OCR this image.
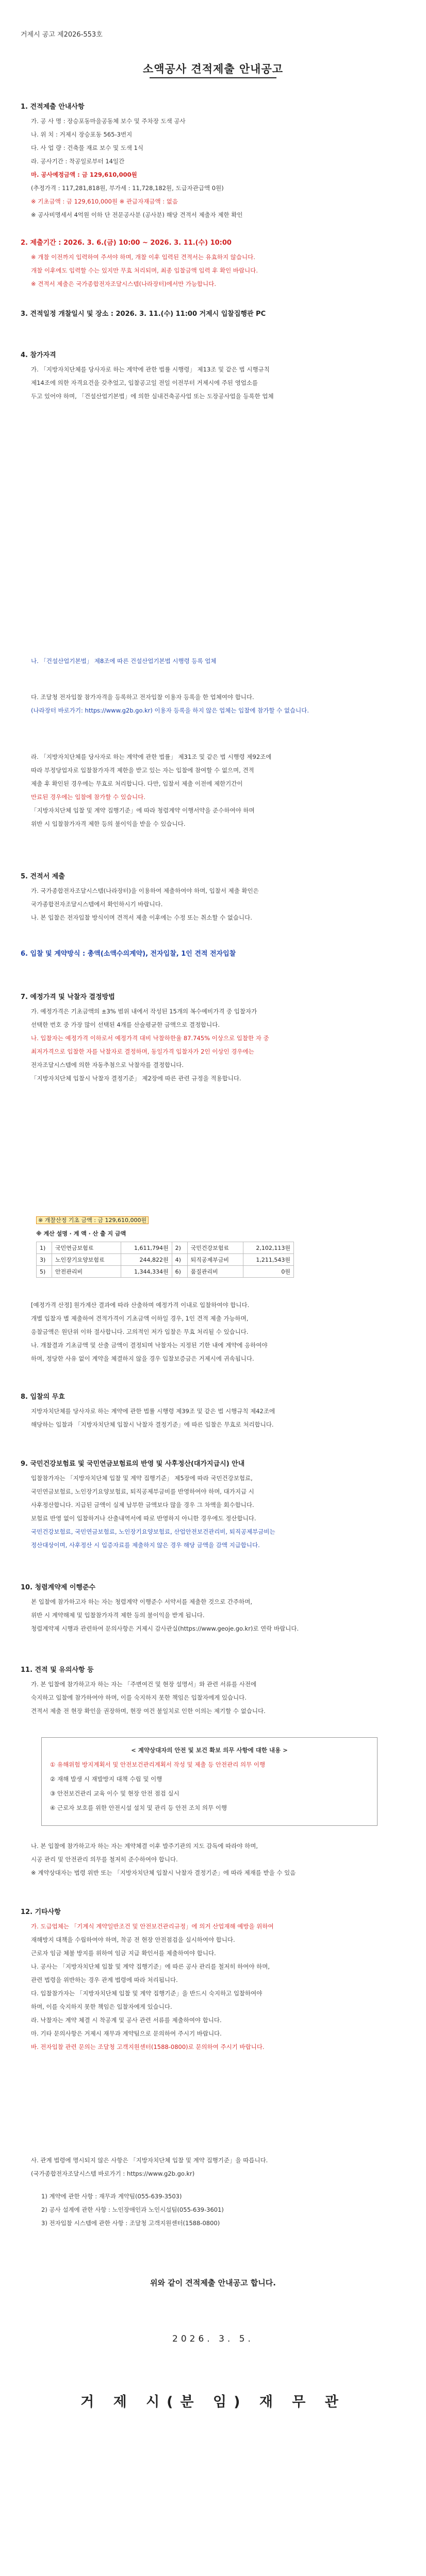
거제시 공고 제2026-553호
소액공사 견적제출 안내공고
1. 견적제출 안내사항
가. 공 사 명 : 장승포동마을공동체 보수 및 주차장 도색 공사
나. 위 치 : 거제시 장승포동 565-3번지
다. 사 업 량 : 건축물 재료 보수 및 도색 1식
라. 공사기간 : 착공일로부터 14일간
마. 공사예정금액 : 금 129,610,000원
(추정가격 : 117,281,818원, 부가세 : 11,728,182원, 도급자관급액 0원)
※ 기초금액 : 금 129,610,000원 ※ 관급자재금액 : 없음
※ 공사비명세서 4억원 이하 단 전문공사분 (공사분) 해당 견적서 제출자 제한 확인
2. 제출기간 : 2026. 3. 6.(금) 10:00 ~ 2026. 3. 11.(수) 10:00
※ 개찰 이전까지 입력하여 주셔야 하며, 개찰 이후 입력된 견적서는 유효하지 않습니다.
개찰 이후에도 입력할 수는 있지만 무효 처리되며, 최종 입찰금액 입력 후 확인 바랍니다.
※ 견적서 제출은 국가종합전자조달시스템(나라장터)에서만 가능합니다.
3. 견적일정 개찰일시 및 장소 : 2026. 3. 11.(수) 11:00 거제시 입찰집행관 PC
4. 참가자격
가. 「지방자치단체를 당사자로 하는 계약에 관한 법률 시행령」 제13조 및 같은 법 시행규칙
제14조에 의한 자격요건을 갖추었고, 입찰공고일 전일 이전부터 거제시에 주된 영업소를
두고 있어야 하며, 「건설산업기본법」에 의한 실내건축공사업 또는 도장공사업을 등록한 업체
나. 「건설산업기본법」 제8조에 따른 건설산업기본법 시행령 등록 업체
다. 조달청 전자입찰 참가자격을 등록하고 전자입찰 이용자 등록을 한 업체여야 합니다.
(나라장터 바로가기: https://www.g2b.go.kr) 이용자 등록을 하지 않은 업체는 입찰에 참가할 수 없습니다.
라. 「지방자치단체를 당사자로 하는 계약에 관한 법률」 제31조 및 같은 법 시행령 제92조에
따라 부정당업자로 입찰참가자격 제한을 받고 있는 자는 입찰에 참여할 수 없으며, 견적
제출 후 확인된 경우에는 무효로 처리합니다. 다만, 입찰서 제출 이전에 제한기간이
만료된 경우에는 입찰에 참가할 수 있습니다.
「지방자치단체 입찰 및 계약 집행기준」에 따라 청렴계약 이행서약을 준수하여야 하며
위반 시 입찰참가자격 제한 등의 불이익을 받을 수 있습니다.
5. 견적서 제출
가. 국가종합전자조달시스템(나라장터)을 이용하여 제출하여야 하며, 입찰서 제출 확인은
국가종합전자조달시스템에서 확인하시기 바랍니다.
나. 본 입찰은 전자입찰 방식이며 견적서 제출 이후에는 수정 또는 취소할 수 없습니다.
6. 입찰 및 계약방식 : 총액(소액수의계약), 전자입찰, 1인 견적 전자입찰
7. 예정가격 및 낙찰자 결정방법
가. 예정가격은 기초금액의 ±3% 범위 내에서 작성된 15개의 복수예비가격 중 입찰자가
선택한 번호 중 가장 많이 선택된 4개를 산술평균한 금액으로 결정합니다.
나. 입찰자는 예정가격 이하로서 예정가격 대비 낙찰하한율 87.745% 이상으로 입찰한 자 중
최저가격으로 입찰한 자를 낙찰자로 결정하며, 동일가격 입찰자가 2인 이상인 경우에는
전자조달시스템에 의한 자동추첨으로 낙찰자를 결정합니다.
「지방자치단체 입찰시 낙찰자 결정기준」 제2장에 따른 관련 규정을 적용합니다.
※ 개찰산정 기초 금액 : 금 129,610,000원
※ 계산 설명 · 계 액 · 산 출 지 금액
1)	국민연금보험료	1,611,794원	2)	국민건강보험료	2,102,113원
3)	노인장기요양보험료	244,822원	4)	퇴직공제부금비	1,211,543원
5)	안전관리비	1,344,334원	6)	품질관리비	0원
[예정가격 산정] 원가계산 결과에 따라 산출하며 예정가격 이내로 입찰하여야 합니다.
개별 입찰자 별 제출하여 견적가격이 기초금액 이하일 경우, 1인 견적 제출 가능하며,
응찰금액은 원단위 이하 절사합니다. 고의적인 저가 입찰은 무효 처리될 수 있습니다.
나. 개찰결과 기초금액 및 산출 금액이 결정되며 낙찰자는 지정된 기한 내에 계약에 응하여야
하며, 정당한 사유 없이 계약을 체결하지 않을 경우 입찰보증금은 거제시에 귀속됩니다.
8. 입찰의 무효
지방자치단체를 당사자로 하는 계약에 관한 법률 시행령 제39조 및 같은 법 시행규칙 제42조에
해당하는 입찰과 「지방자치단체 입찰시 낙찰자 결정기준」에 따른 입찰은 무효로 처리합니다.
9. 국민건강보험료 및 국민연금보험료의 반영 및 사후정산(대가지급시) 안내
입찰참가자는 「지방자치단체 입찰 및 계약 집행기준」 제5장에 따라 국민건강보험료,
국민연금보험료, 노인장기요양보험료, 퇴직공제부금비를 반영하여야 하며, 대가지급 시
사후정산합니다. 지급된 금액이 실제 납부한 금액보다 많을 경우 그 차액을 회수합니다.
보험료 반영 없이 입찰하거나 산출내역서에 따로 반영하지 아니한 경우에도 정산합니다.
국민건강보험료, 국민연금보험료, 노인장기요양보험료, 산업안전보건관리비, 퇴직공제부금비는
정산대상이며, 사후정산 시 입증자료를 제출하지 않은 경우 해당 금액을 감액 지급합니다.
10. 청렴계약제 이행준수
본 입찰에 참가하고자 하는 자는 청렴계약 이행준수 서약서를 제출한 것으로 간주하며,
위반 시 계약해제 및 입찰참가자격 제한 등의 불이익을 받게 됩니다.
청렴계약제 시행과 관련하여 문의사항은 거제시 감사관실(https://www.geoje.go.kr)로 연락 바랍니다.
11. 견적 및 유의사항 등
가. 본 입찰에 참가하고자 하는 자는 「주변여건 및 현장 설명서」와 관련 서류를 사전에
숙지하고 입찰에 참가하여야 하며, 이를 숙지하지 못한 책임은 입찰자에게 있습니다.
견적서 제출 전 현장 확인을 권장하며, 현장 여건 불일치로 인한 이의는 제기할 수 없습니다.
< 계약상대자의 안전 및 보건 확보 의무 사항에 대한 내용 >
① 유해위험 방지계획서 및 안전보건관리계획서 작성 및 제출 등 안전관리 의무 이행
② 재해 발생 시 재발방지 대책 수립 및 이행
③ 안전보건관리 교육 이수 및 현장 안전 점검 실시
④ 근로자 보호를 위한 안전시설 설치 및 관리 등 안전 조치 의무 이행
나. 본 입찰에 참가하고자 하는 자는 계약체결 이후 발주기관의 지도 감독에 따라야 하며,
시공 관리 및 안전관리 의무를 철저히 준수하여야 합니다.
※ 계약상대자는 법령 위반 또는 「지방자치단체 입찰시 낙찰자 결정기준」에 따라 제재를 받을 수 있음
12. 기타사항
가. 도급업체는 「기계식 계약일반조건 및 안전보건관리규정」에 의거 산업재해 예방을 위하여
재해방지 대책을 수립하여야 하며, 착공 전 현장 안전점검을 실시하여야 합니다.
근로자 임금 체불 방지를 위하여 임금 지급 확인서를 제출하여야 합니다.
나. 공사는 「지방자치단체 입찰 및 계약 집행기준」에 따른 공사 관리를 철저히 하여야 하며,
관련 법령을 위반하는 경우 관계 법령에 따라 처리됩니다.
다. 입찰참가자는 「지방자치단체 입찰 및 계약 집행기준」을 반드시 숙지하고 입찰하여야
하며, 이를 숙지하지 못한 책임은 입찰자에게 있습니다.
라. 낙찰자는 계약 체결 시 착공계 및 공사 관련 서류를 제출하여야 합니다.
마. 기타 문의사항은 거제시 재무과 계약팀으로 문의하여 주시기 바랍니다.
바. 전자입찰 관련 문의는 조달청 고객지원센터(1588-0800)로 문의하여 주시기 바랍니다.
사. 관계 법령에 명시되지 않은 사항은 「지방자치단체 입찰 및 계약 집행기준」을 따릅니다.
(국가종합전자조달시스템 바로가기 : https://www.g2b.go.kr)
1) 계약에 관한 사항 : 재무과 계약팀(055-639-3503)
2) 공사 설계에 관한 사항 : 노인장애인과 노인시설팀(055-639-3601)
3) 전자입찰 시스템에 관한 사항 : 조달청 고객지원센터(1588-0800)
위와 같이 견적제출 안내공고 합니다.
2026. 3. 5.
거 제 시(분 임) 재 무 관
